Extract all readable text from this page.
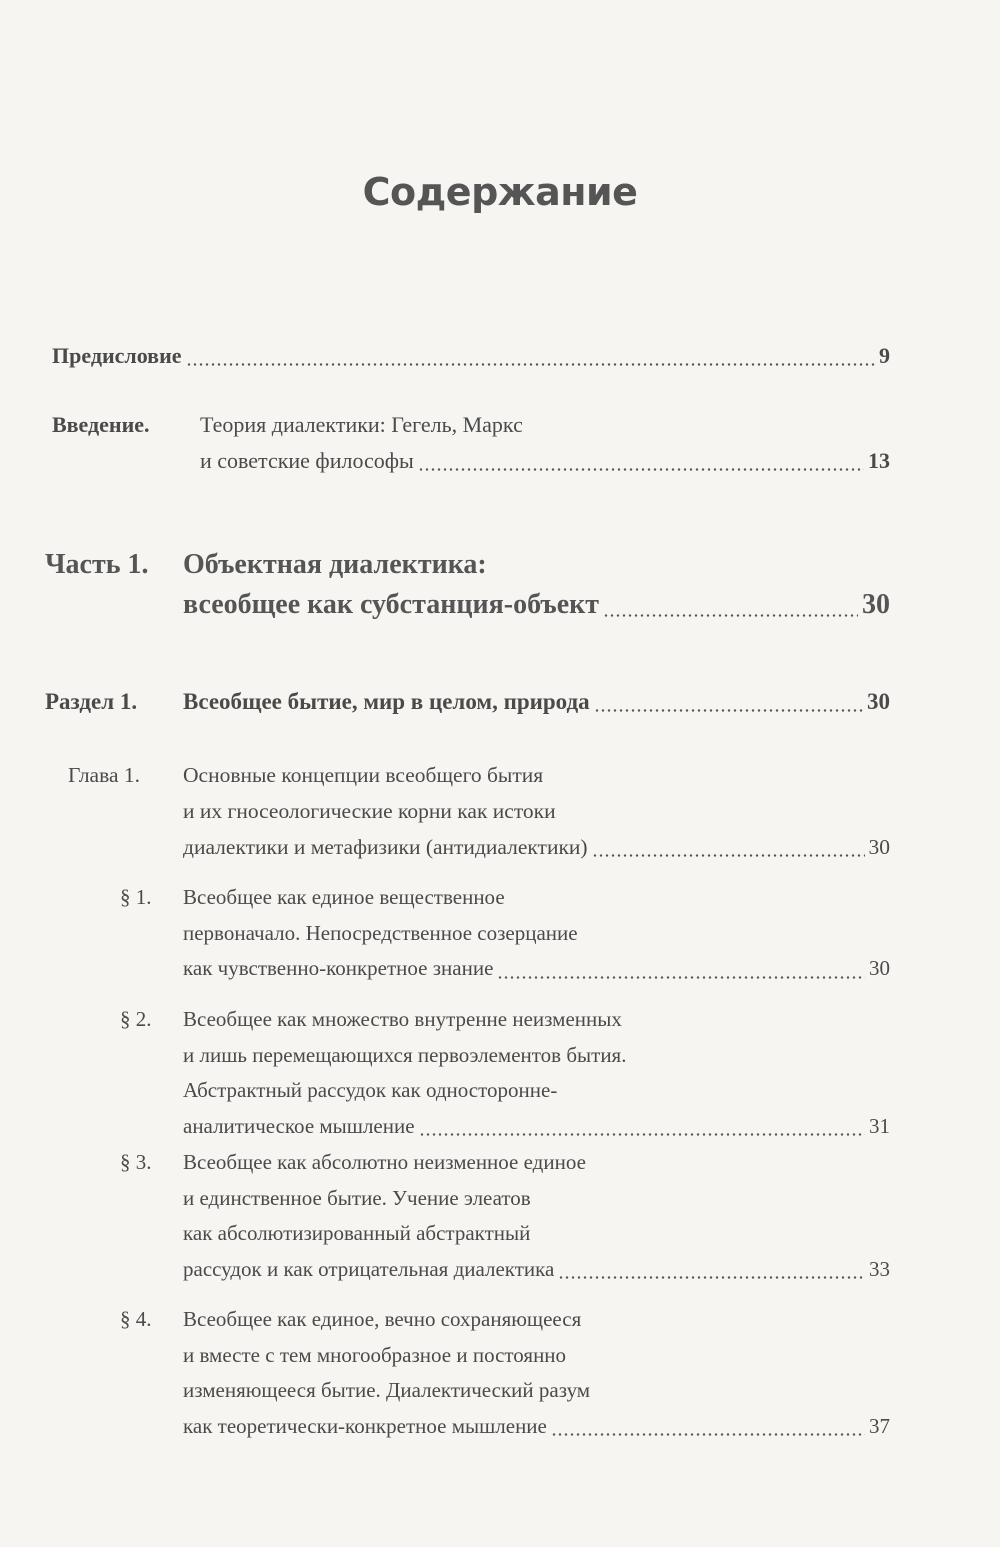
Содержание
Предисловие	9
Введение.	Теория диалектики: Гегель, Маркс
и советские философы	13
Часть 1.	Объектная диалектика:
всеобщее как субстанция-объект	30
Раздел 1.	Всеобщее бытие, мир в целом, природа	30
Глава 1.	Основные концепции всеобщего бытия
и их гносеологические корни как истоки
диалектики и метафизики (антидиалектики)	30
§ 1.	Всеобщее как единое вещественное
первоначало. Непосредственное созерцание
как чувственно-конкретное знание	30
§ 2.	Всеобщее как множество внутренне неизменных
и лишь перемещающихся первоэлементов бытия.
Абстрактный рассудок как односторонне-
аналитическое мышление	31
§ 3.	Всеобщее как абсолютно неизменное единое
и единственное бытие. Учение элеатов
как абсолютизированный абстрактный
рассудок и как отрицательная диалектика	33
§ 4.	Всеобщее как единое, вечно сохраняющееся
и вместе с тем многообразное и постоянно
изменяющееся бытие. Диалектический разум
как теоретически-конкретное мышление	37
